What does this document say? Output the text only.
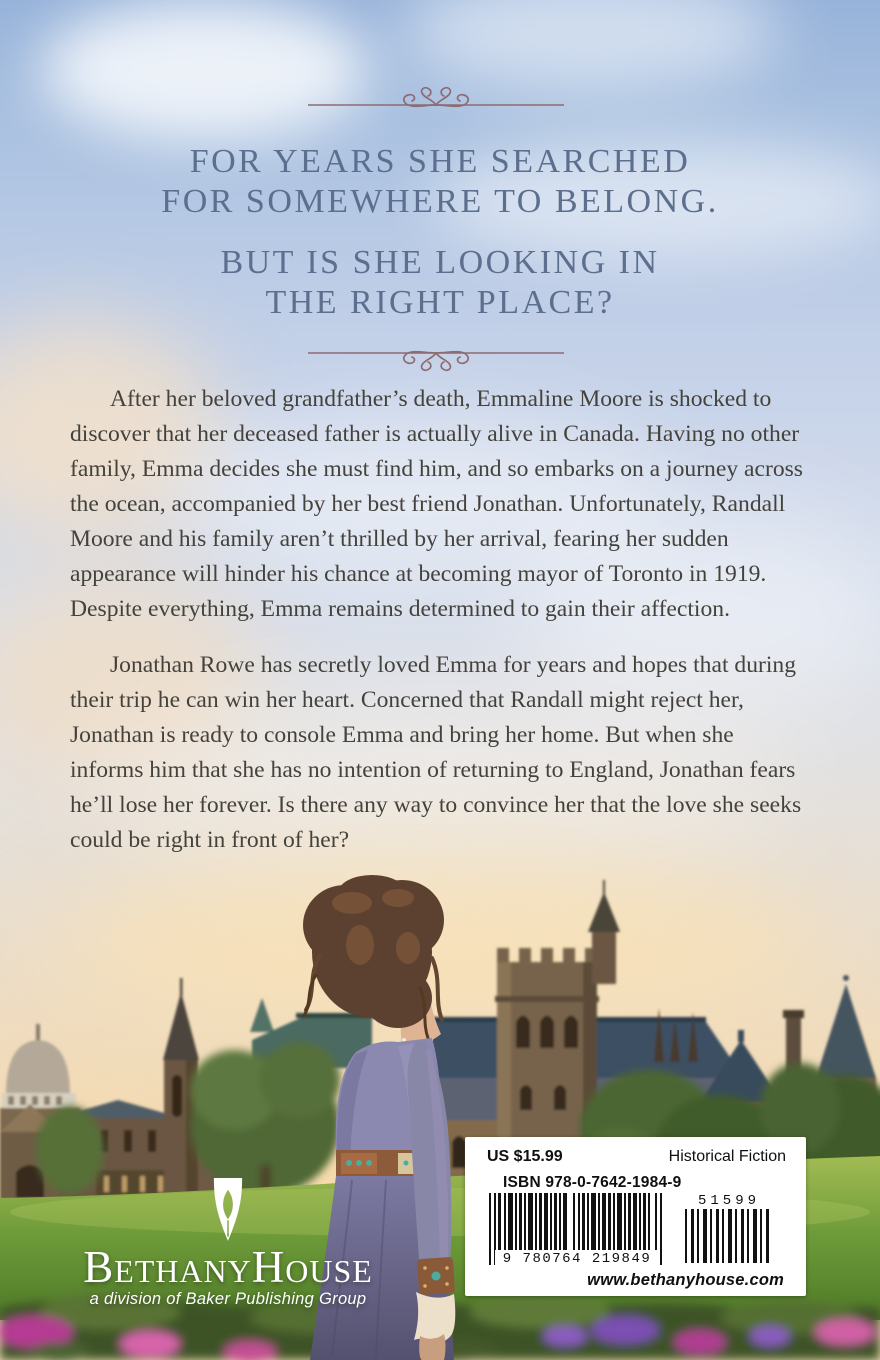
FOR YEARS SHE SEARCHED
FOR SOMEWHERE TO BELONG.
BUT IS SHE LOOKING IN
THE RIGHT PLACE?

After her beloved grandfather’s death, Emmaline Moore is shocked to discover that her deceased father is actually alive in Canada. Having no other family, Emma decides she must find him, and so embarks on a journey across the ocean, accompanied by her best friend Jonathan. Unfortunately, Randall Moore and his family aren’t thrilled by her arrival, fearing her sudden appearance will hinder his chance at becoming mayor of Toronto in 1919. Despite everything, Emma remains determined to gain their affection.

Jonathan Rowe has secretly loved Emma for years and hopes that during their trip he can win her heart. Concerned that Randall might reject her, Jonathan is ready to console Emma and bring her home. But when she informs him that she has no intention of returning to England, Jonathan fears he’ll lose her forever. Is there any way to convince her that the love she seeks could be right in front of her?

BethanyHouse
a division of Baker Publishing Group
US $15.99	Historical Fiction
ISBN 978-0-7642-1984-9
9 780764 219849
51599
www.bethanyhouse.com
